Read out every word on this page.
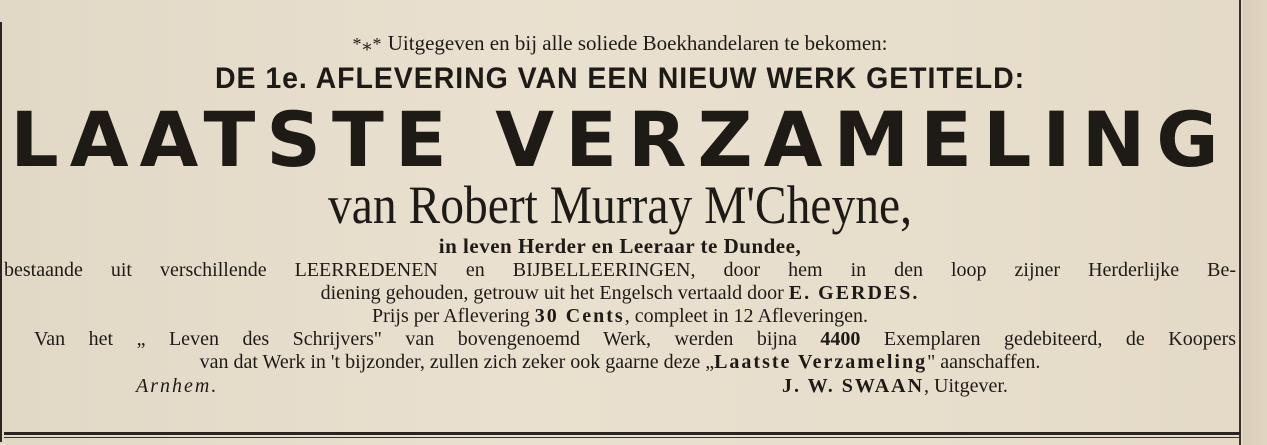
*⁎* Uitgegeven en bij alle soliede Boekhandelaren te bekomen:
DE 1e. AFLEVERING VAN EEN NIEUW WERK GETITELD:
LAATSTE VERZAMELING
van Robert Murray M'Cheyne,
in leven Herder en Leeraar te Dundee,
bestaande uit verschillende LEERREDENEN en BIJBELLEERINGEN, door hem in den loop zijner Herderlijke Be-
diening gehouden, getrouw uit het Engelsch vertaald door E. GERDES.
Prijs per Aflevering 30 Cents, compleet in 12 Afleveringen.
Van het „ Leven des Schrijvers" van bovengenoemd Werk, werden bijna 4400 Exemplaren gedebiteerd, de Koopers
van dat Werk in 't bijzonder, zullen zich zeker ook gaarne deze „Laatste Verzameling" aanschaffen.
Arnhem.	J. W. SWAAN, Uitgever.
